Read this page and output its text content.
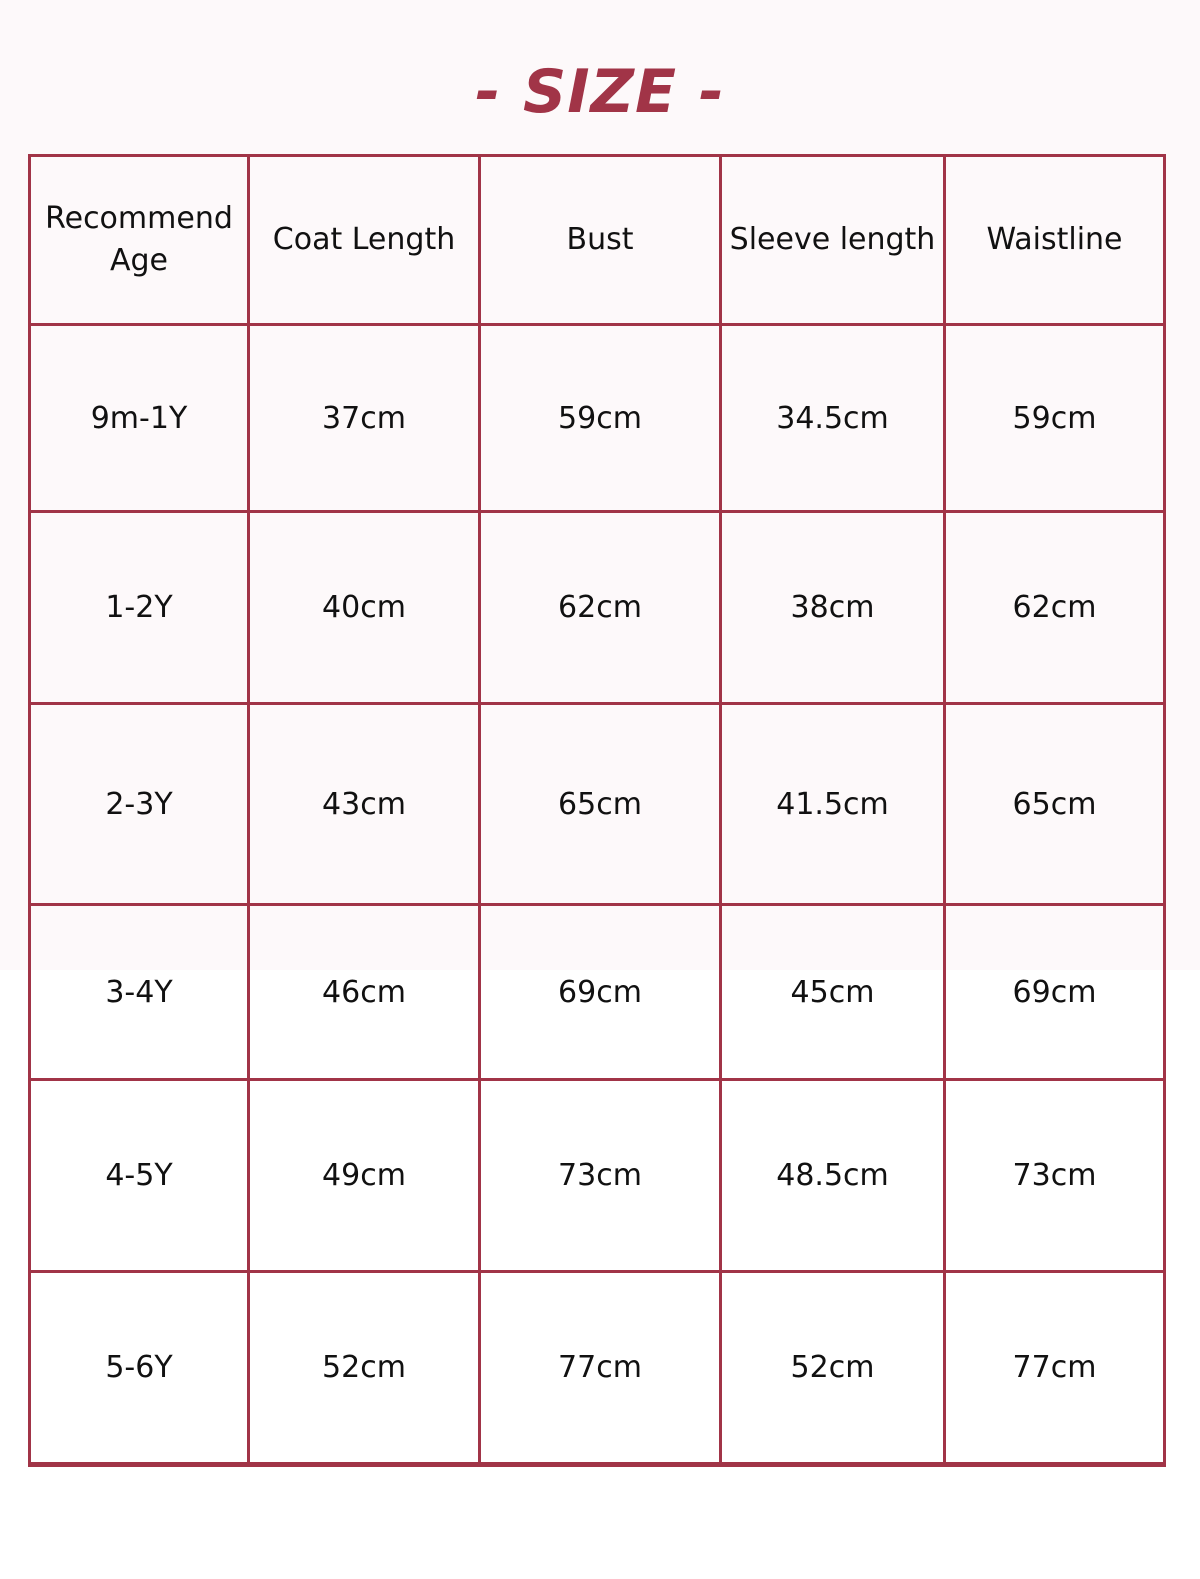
- SIZE -
Recommend Age	Coat Length	Bust	Sleeve length	Waistline
9m-1Y	37cm	59cm	34.5cm	59cm
1-2Y	40cm	62cm	38cm	62cm
2-3Y	43cm	65cm	41.5cm	65cm
3-4Y	46cm	69cm	45cm	69cm
4-5Y	49cm	73cm	48.5cm	73cm
5-6Y	52cm	77cm	52cm	77cm
